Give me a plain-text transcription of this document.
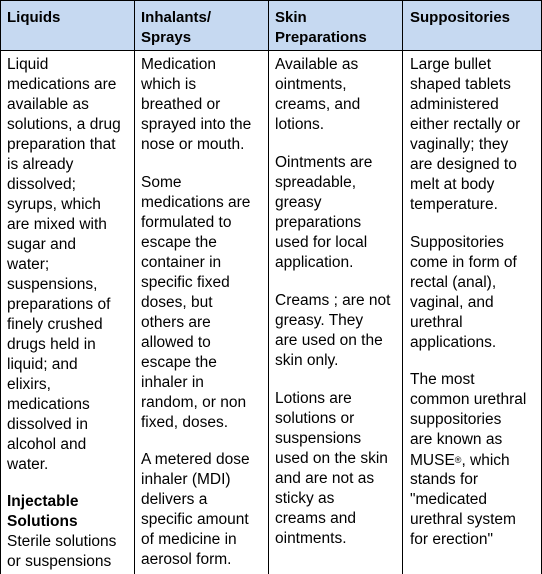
Liquids	Inhalants/
Sprays
Skin
Preparations
Suppositories
Liquid
medications are
available as
solutions, a drug
preparation that
is already
dissolved;
syrups, which
are mixed with
sugar and
water;
suspensions,
preparations of
finely crushed
drugs held in
liquid; and
elixirs,
medications
dissolved in
alcohol and
water.
Injectable
Solutions
Sterile solutions
or suspensions
Medication
which is
breathed or
sprayed into the
nose or mouth.
Some
medications are
formulated to
escape the
container in
specific fixed
doses, but
others are
allowed to
escape the
inhaler in
random, or non
fixed, doses.
A metered dose
inhaler (MDI)
delivers a
specific amount
of medicine in
aerosol form.
Available as
ointments,
creams, and
lotions.
Ointments are
spreadable,
greasy
preparations
used for local
application.
Creams ; are not
greasy. They
are used on the
skin only.
Lotions are
solutions or
suspensions
used on the skin
and are not as
sticky as
creams and
ointments.
Large bullet
shaped tablets
administered
either rectally or
vaginally; they
are designed to
melt at body
temperature.
Suppositories
come in form of
rectal (anal),
vaginal, and
urethral
applications.
The most
common urethral
suppositories
are known as
MUSE®, which
stands for
"medicated
urethral system
for erection"
